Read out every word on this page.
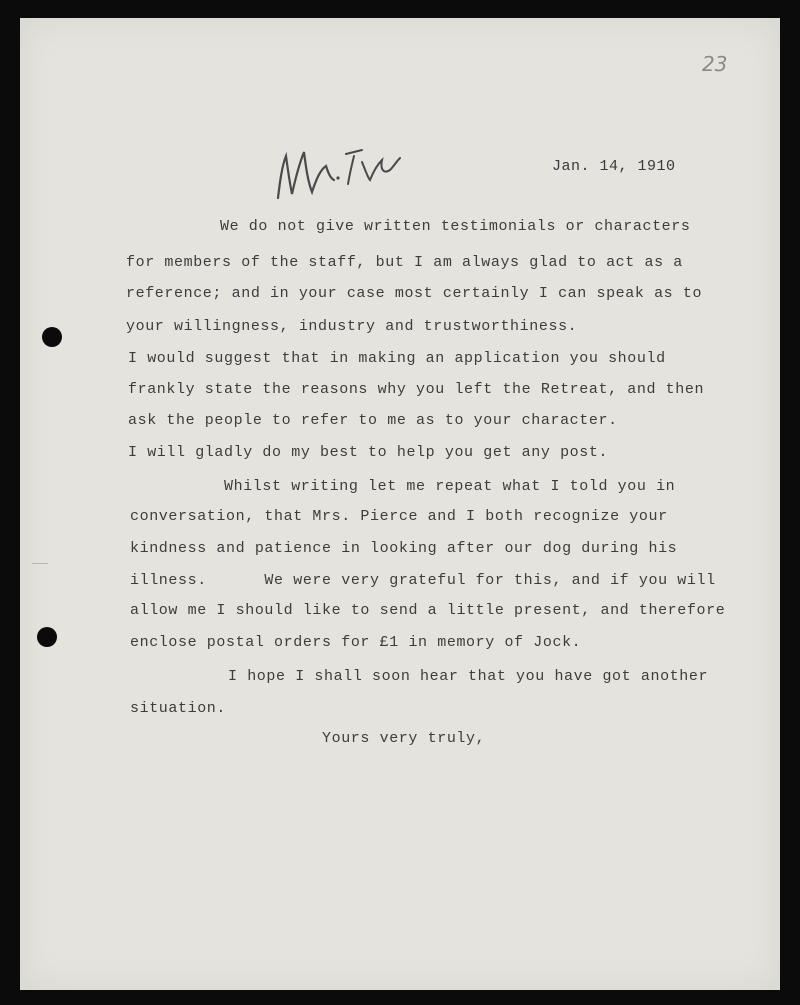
23
Jan. 14, 1910
We do not give written testimonials or characters
for members of the staff, but I am always glad to act as a
reference; and in your case most certainly I can speak as to
your willingness, industry and trustworthiness.
I would suggest that in making an application you should
frankly state the reasons why you left the Retreat, and then
ask the people to refer to me as to your character.
I will gladly do my best to help you get any post.
Whilst writing let me repeat what I told you in
conversation, that Mrs. Pierce and I both recognize your
kindness and patience in looking after our dog during his
illness.      We were very grateful for this, and if you will
allow me I should like to send a little present, and therefore
enclose postal orders for £1 in memory of Jock.
I hope I shall soon hear that you have got another
situation.
Yours very truly,
